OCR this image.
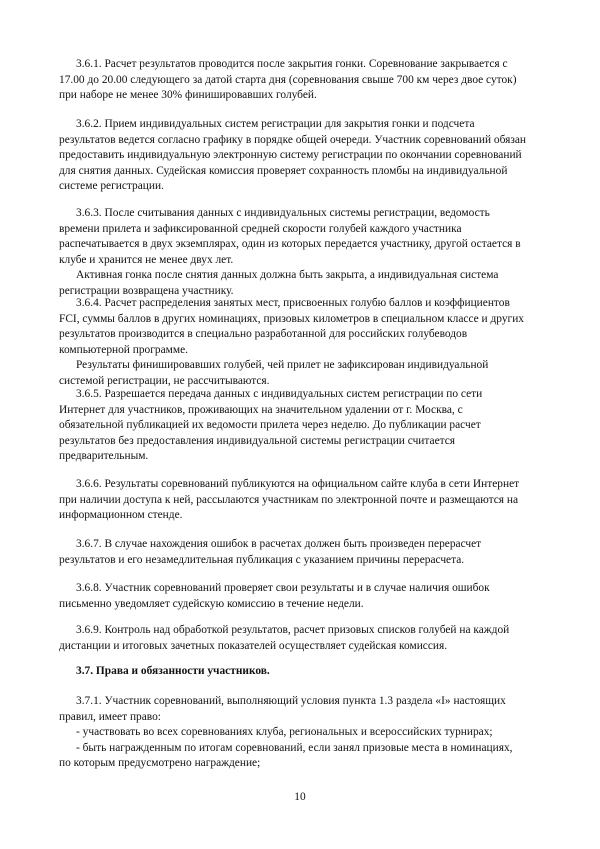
3.6.1. Расчет результатов проводится после закрытия гонки. Соревнование закрывается с
17.00 до 20.00 следующего за датой старта дня (соревнования свыше 700 км через двое суток)
при наборе не менее 30% финишировавших голубей.
3.6.2. Прием индивидуальных систем регистрации для закрытия гонки и подсчета
результатов ведется согласно графику в порядке общей очереди. Участник соревнований обязан
предоставить индивидуальную электронную систему регистрации по окончании соревнований
для снятия данных. Судейская комиссия проверяет сохранность пломбы на индивидуальной
системе регистрации.
3.6.3. После считывания данных с индивидуальных системы регистрации, ведомость
времени прилета и зафиксированной средней скорости голубей каждого участника
распечатывается в двух экземплярах, один из которых передается участнику, другой остается в
клубе и хранится не менее двух лет.
Активная гонка после снятия данных должна быть закрыта, а индивидуальная система
регистрации возвращена участнику.
3.6.4. Расчет распределения занятых мест, присвоенных голубю баллов и коэффициентов
FCI, суммы баллов в других номинациях, призовых километров в специальном классе и других
результатов производится в специально разработанной для российских голубеводов
компьютерной программе.
Результаты финишировавших голубей, чей прилет не зафиксирован индивидуальной
системой регистрации, не рассчитываются.
3.6.5. Разрешается передача данных с индивидуальных систем регистрации по сети
Интернет для участников, проживающих на значительном удалении от г. Москва, с
обязательной публикацией их ведомости прилета через неделю. До публикации расчет
результатов без предоставления индивидуальной системы регистрации считается
предварительным.
3.6.6. Результаты соревнований публикуются на официальном сайте клуба в сети Интернет
при наличии доступа к ней, рассылаются участникам по электронной почте и размещаются на
информационном стенде.
3.6.7. В случае нахождения ошибок в расчетах должен быть произведен перерасчет
результатов и его незамедлительная публикация с указанием причины перерасчета.
3.6.8. Участник соревнований проверяет свои результаты и в случае наличия ошибок
письменно уведомляет судейскую комиссию в течение недели.
3.6.9. Контроль над обработкой результатов, расчет призовых списков голубей на каждой
дистанции и итоговых зачетных показателей осуществляет судейская комиссия.
3.7. Права и обязанности участников.
3.7.1. Участник соревнований, выполняющий условия пункта 1.3 раздела «I» настоящих
правил, имеет право:
- участвовать во всех соревнованиях клуба, региональных и всероссийских турнирах;
- быть награжденным по итогам соревнований, если занял призовые места в номинациях,
по которым предусмотрено награждение;
10
